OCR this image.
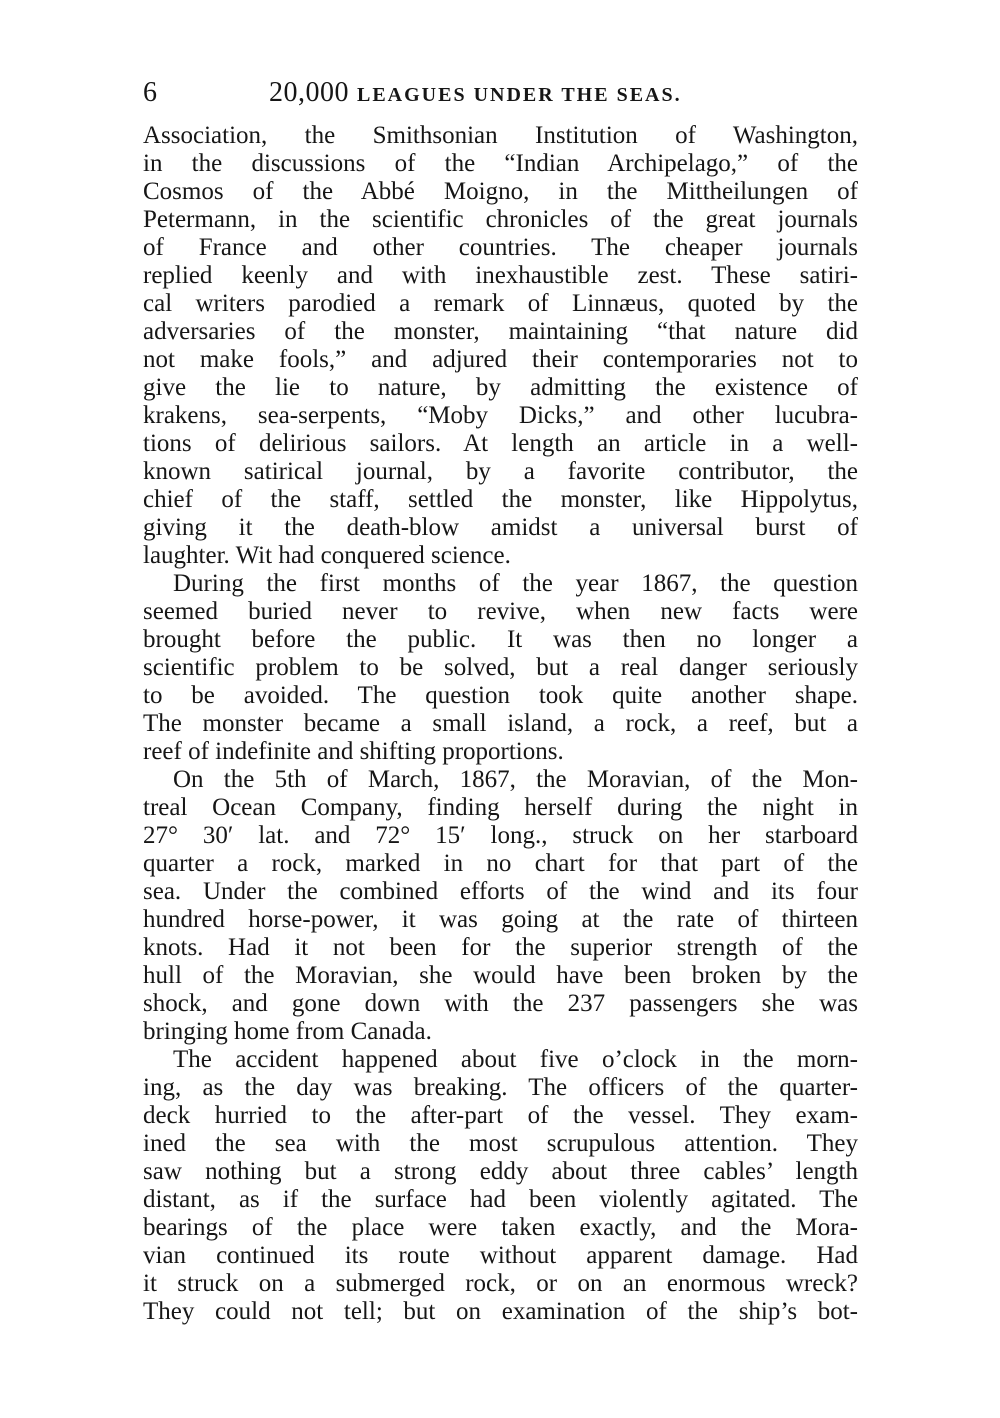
6	20,000 LEAGUES UNDER THE SEAS.
Association, the Smithsonian Institution of Washington,
in the discussions of the “Indian Archipelago,” of the
Cosmos of the Abbé Moigno, in the Mittheilungen of
Petermann, in the scientific chronicles of the great journals
of France and other countries. The cheaper journals
replied keenly and with inexhaustible zest. These satiri-
cal writers parodied a remark of Linnæus, quoted by the
adversaries of the monster, maintaining “that nature did
not make fools,” and adjured their contemporaries not to
give the lie to nature, by admitting the existence of
krakens, sea-serpents, “Moby Dicks,” and other lucubra-
tions of delirious sailors. At length an article in a well-
known satirical journal, by a favorite contributor, the
chief of the staff, settled the monster, like Hippolytus,
giving it the death-blow amidst a universal burst of
laughter. Wit had conquered science.
During the first months of the year 1867, the question
seemed buried never to revive, when new facts were
brought before the public. It was then no longer a
scientific problem to be solved, but a real danger seriously
to be avoided. The question took quite another shape.
The monster became a small island, a rock, a reef, but a
reef of indefinite and shifting proportions.
On the 5th of March, 1867, the Moravian, of the Mon-
treal Ocean Company, finding herself during the night in
27° 30′ lat. and 72° 15′ long., struck on her starboard
quarter a rock, marked in no chart for that part of the
sea. Under the combined efforts of the wind and its four
hundred horse-power, it was going at the rate of thirteen
knots. Had it not been for the superior strength of the
hull of the Moravian, she would have been broken by the
shock, and gone down with the 237 passengers she was
bringing home from Canada.
The accident happened about five o’clock in the morn-
ing, as the day was breaking. The officers of the quarter-
deck hurried to the after-part of the vessel. They exam-
ined the sea with the most scrupulous attention. They
saw nothing but a strong eddy about three cables’ length
distant, as if the surface had been violently agitated. The
bearings of the place were taken exactly, and the Mora-
vian continued its route without apparent damage. Had
it struck on a submerged rock, or on an enormous wreck?
They could not tell; but on examination of the ship’s bot-
